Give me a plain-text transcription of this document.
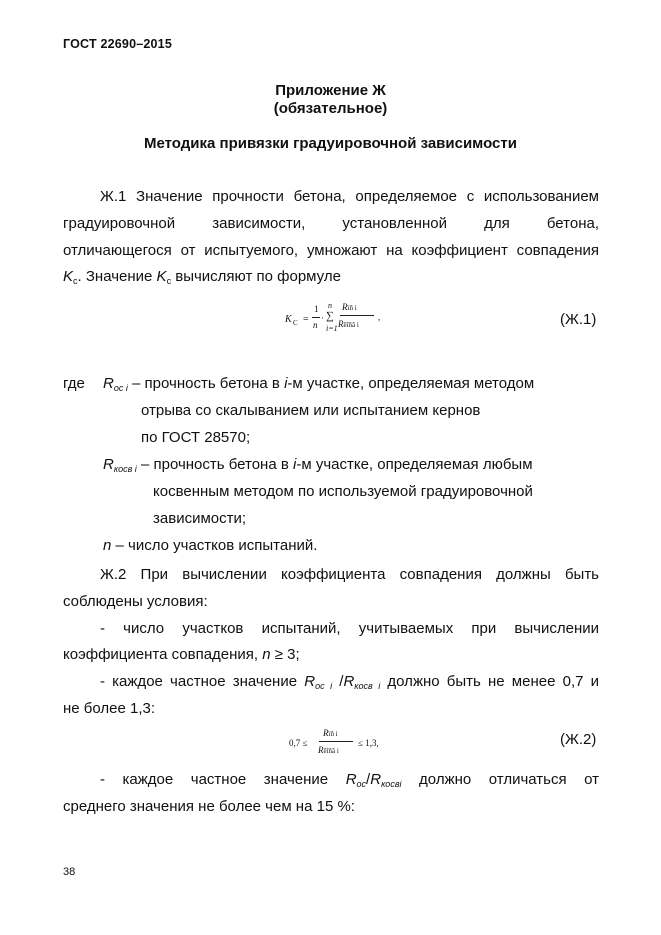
ГОСТ 22690–2015
Приложение Ж
(обязательное)
Методика привязки градуировочной зависимости
Ж.1 Значение прочности бетона, определяемое с использованием
градуировочной зависимости, установленной для бетона,
отличающегося от испытуемого, умножают на коэффициент совпадения
$K_c$. Значение $K_c$ вычисляют по формуле
K C =
1
n
·
n
∑
i=1
Rïñ i
Rêîñâ i
,	(Ж.1)
где $R_{ос i}$ – прочность бетона в i-м участке, определяемая методом
отрыва со скалыванием или испытанием кернов
по ГОСТ 28570;
$R_{косв i}$ – прочность бетона в i-м участке, определяемая любым
косвенным методом по используемой градуировочной
зависимости;
n – число участков испытаний.
Ж.2 При вычислении коэффициента совпадения должны быть
соблюдены условия:
- число участков испытаний, учитываемых при вычислении
коэффициента совпадения, n ≥ 3;
- каждое частное значение $R_{ос i}$ $/R_{косв i}$ должно быть не менее 0,7 и
не более 1,3:
0,7 ≤
Rïñ i
Rêîñâ i
≤ 1,3,	(Ж.2)
- каждое частное значение $R_{ос}/R_{косвi}$ должно отличаться от
среднего значения не более чем на 15 %:
38
